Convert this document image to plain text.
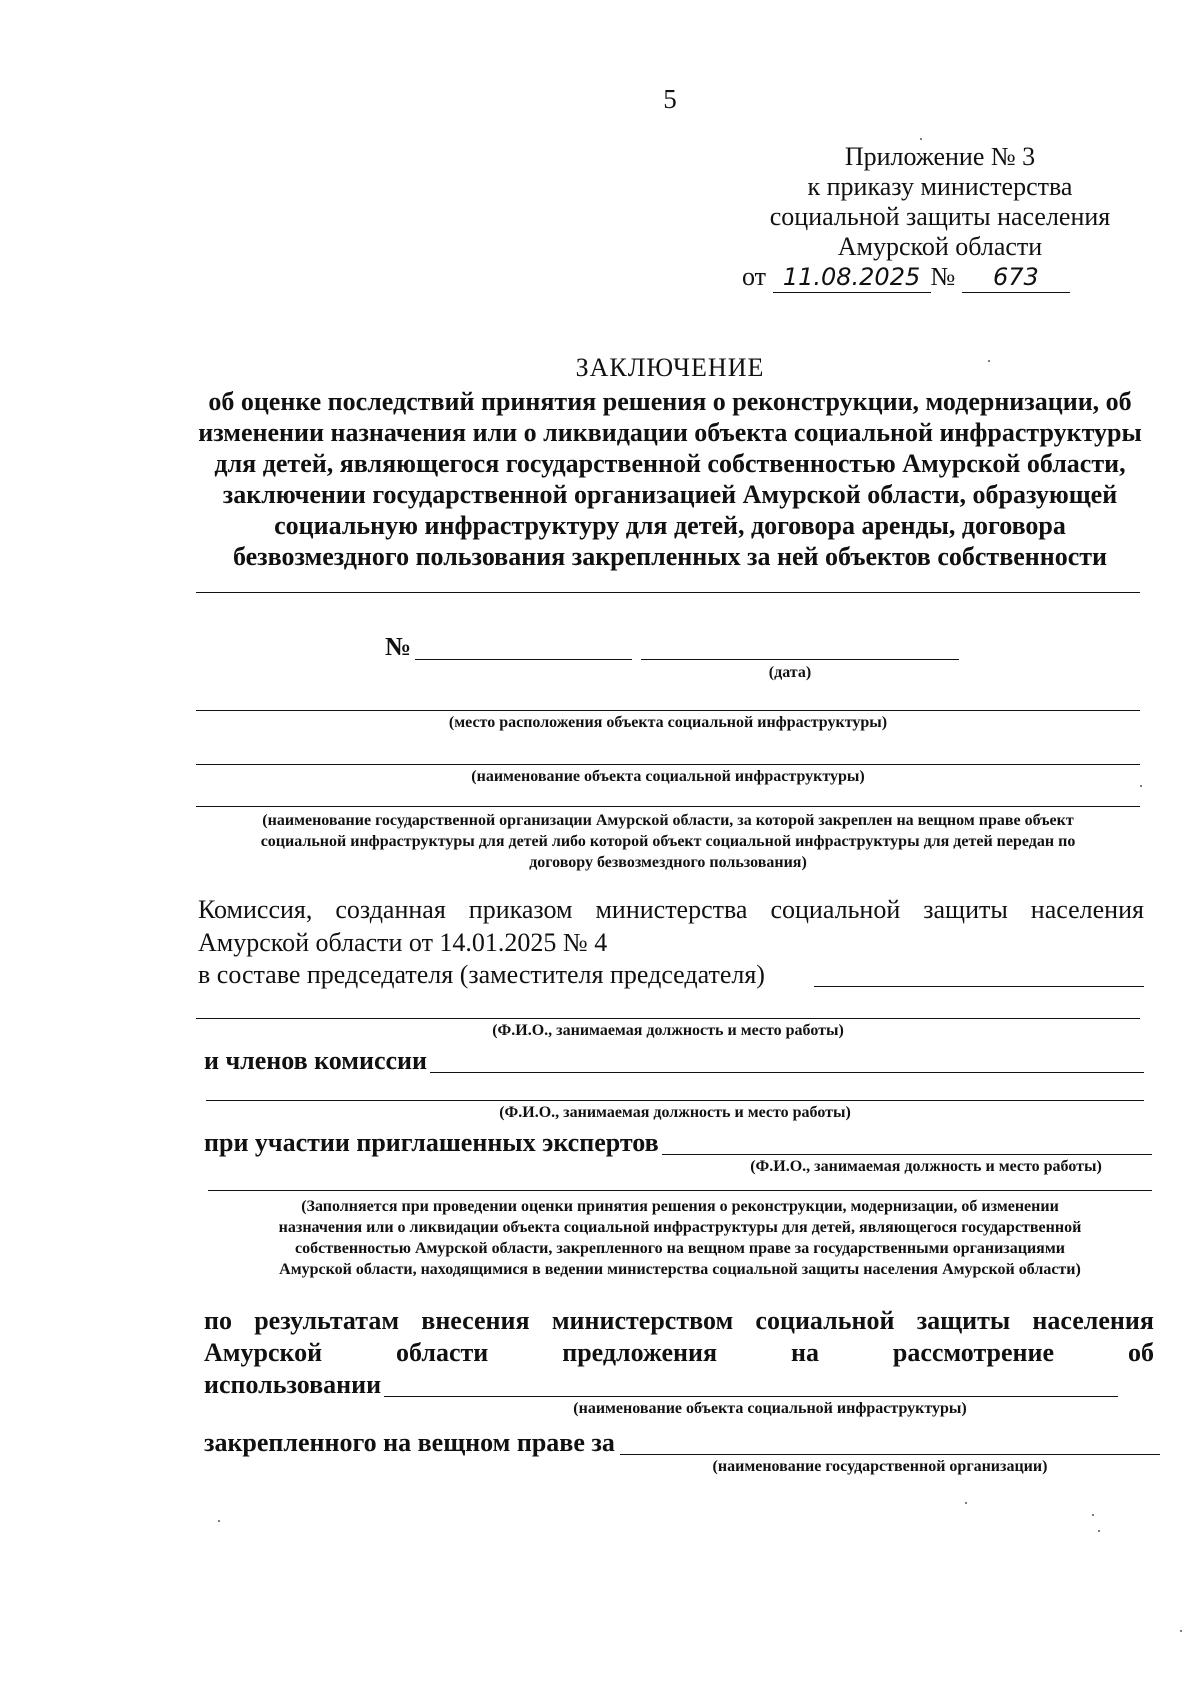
5
Приложение № 3
к приказу министерства
социальной защиты населения
Амурской области
от 11.08.2025 № 673
ЗАКЛЮЧЕНИЕ
об оценке последствий принятия решения о реконструкции, модернизации, об
изменении назначения или о ликвидации объекта социальной инфраструктуры
для детей, являющегося государственной собственностью Амурской области,
заключении государственной организацией Амурской области, образующей
социальную инфраструктуру для детей, договора аренды, договора
безвозмездного пользования закрепленных за ней объектов собственности
№
(дата)
(место расположения объекта социальной инфраструктуры)
(наименование объекта социальной инфраструктуры)
(наименование государственной организации Амурской области, за которой закреплен на вещном праве объект
социальной инфраструктуры для детей либо которой объект социальной инфраструктуры для детей передан по
договору безвозмездного пользования)
Комиссия, созданная приказом министерства социальной защиты населения
Амурской области от 14.01.2025 № 4
в составе председателя (заместителя председателя)
(Ф.И.О., занимаемая должность и место работы)
и членов комиссии
(Ф.И.О., занимаемая должность и место работы)
при участии приглашенных экспертов
(Ф.И.О., занимаемая должность и место работы)
(Заполняется при проведении оценки принятия решения о реконструкции, модернизации, об изменении
назначения или о ликвидации объекта социальной инфраструктуры для детей, являющегося государственной
собственностью Амурской области, закрепленного на вещном праве за государственными организациями
Амурской области, находящимися в ведении министерства социальной защиты населения Амурской области)
по результатам внесения министерством социальной защиты населения
Амурской	области	предложения	на	рассмотрение	об
использовании
(наименование объекта социальной инфраструктуры)
закрепленного на вещном праве за
(наименование государственной организации)
